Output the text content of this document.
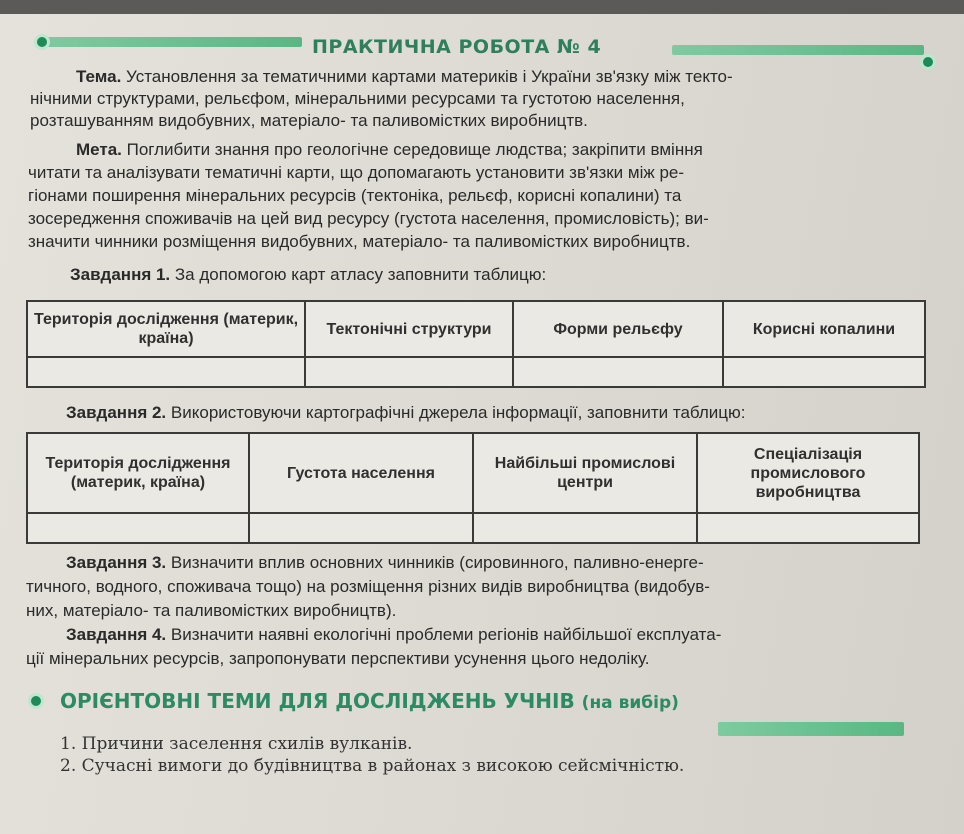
ПРАКТИЧНА РОБОТА № 4
Тема. Установлення за тематичними картами материків і України зв'язку між текто-
нічними структурами, рельєфом, мінеральними ресурсами та густотою населення,
розташуванням видобувних, матеріало- та паливомістких виробництв.
Мета. Поглибити знання про геологічне середовище людства; закріпити вміння
читати та аналізувати тематичні карти, що допомагають установити зв'язки між ре-
гіонами поширення мінеральних ресурсів (тектоніка, рельєф, корисні копалини) та
зосередження споживачів на цей вид ресурсу (густота населення, промисловість); ви-
значити чинники розміщення видобувних, матеріало- та паливомістких виробництв.
Завдання 1. За допомогою карт атласу заповнити таблицю:
Територія дослідження (материк, країна)	Тектонічні структури	Форми рельєфу	Корисні копалини

Завдання 2. Використовуючи картографічні джерела інформації, заповнити таблицю:
Територія дослідження (материк, країна)	Густота населення	Найбільші промислові центри	Спеціалізація промислового виробництва

Завдання 3. Визначити вплив основних чинників (сировинного, паливно-енерге-
тичного, водного, споживача тощо) на розміщення різних видів виробництва (видобув-
них, матеріало- та паливомістких виробництв).
Завдання 4. Визначити наявні екологічні проблеми регіонів найбільшої експлуата-
ції мінеральних ресурсів, запропонувати перспективи усунення цього недоліку.
ОРІЄНТОВНІ ТЕМИ ДЛЯ ДОСЛІДЖЕНЬ УЧНІВ (на вибір)
1. Причини заселення схилів вулканів.
2. Сучасні вимоги до будівництва в районах з високою сейсмічністю.
